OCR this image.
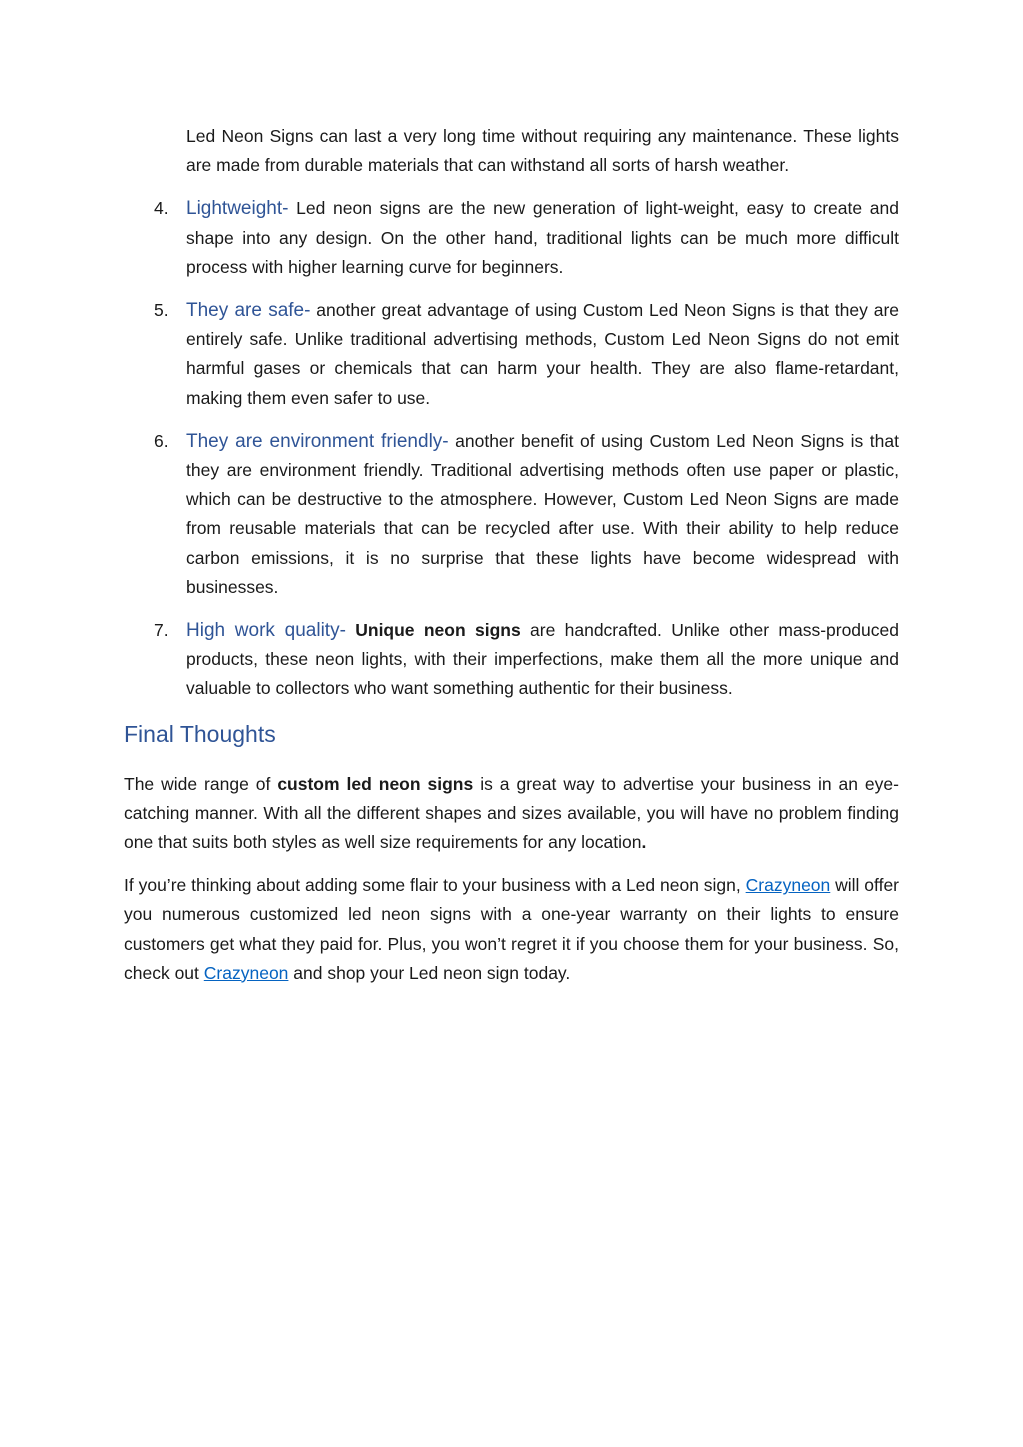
Led Neon Signs can last a very long time without requiring any maintenance. These lights are made from durable materials that can withstand all sorts of harsh weather.

4. Lightweight- Led neon signs are the new generation of light-weight, easy to create and shape into any design. On the other hand, traditional lights can be much more difficult process with higher learning curve for beginners.

5. They are safe- another great advantage of using Custom Led Neon Signs is that they are entirely safe. Unlike traditional advertising methods, Custom Led Neon Signs do not emit harmful gases or chemicals that can harm your health. They are also flame-retardant, making them even safer to use.

6. They are environment friendly- another benefit of using Custom Led Neon Signs is that they are environment friendly. Traditional advertising methods often use paper or plastic, which can be destructive to the atmosphere. However, Custom Led Neon Signs are made from reusable materials that can be recycled after use. With their ability to help reduce carbon emissions, it is no surprise that these lights have become widespread with businesses.

7. High work quality- Unique neon signs are handcrafted. Unlike other mass-produced products, these neon lights, with their imperfections, make them all the more unique and valuable to collectors who want something authentic for their business.

Final Thoughts

The wide range of custom led neon signs is a great way to advertise your business in an eye-catching manner. With all the different shapes and sizes available, you will have no problem finding one that suits both styles as well size requirements for any location.

If you’re thinking about adding some flair to your business with a Led neon sign, Crazyneon will offer you numerous customized led neon signs with a one-year warranty on their lights to ensure customers get what they paid for. Plus, you won’t regret it if you choose them for your business. So, check out Crazyneon and shop your Led neon sign today.
